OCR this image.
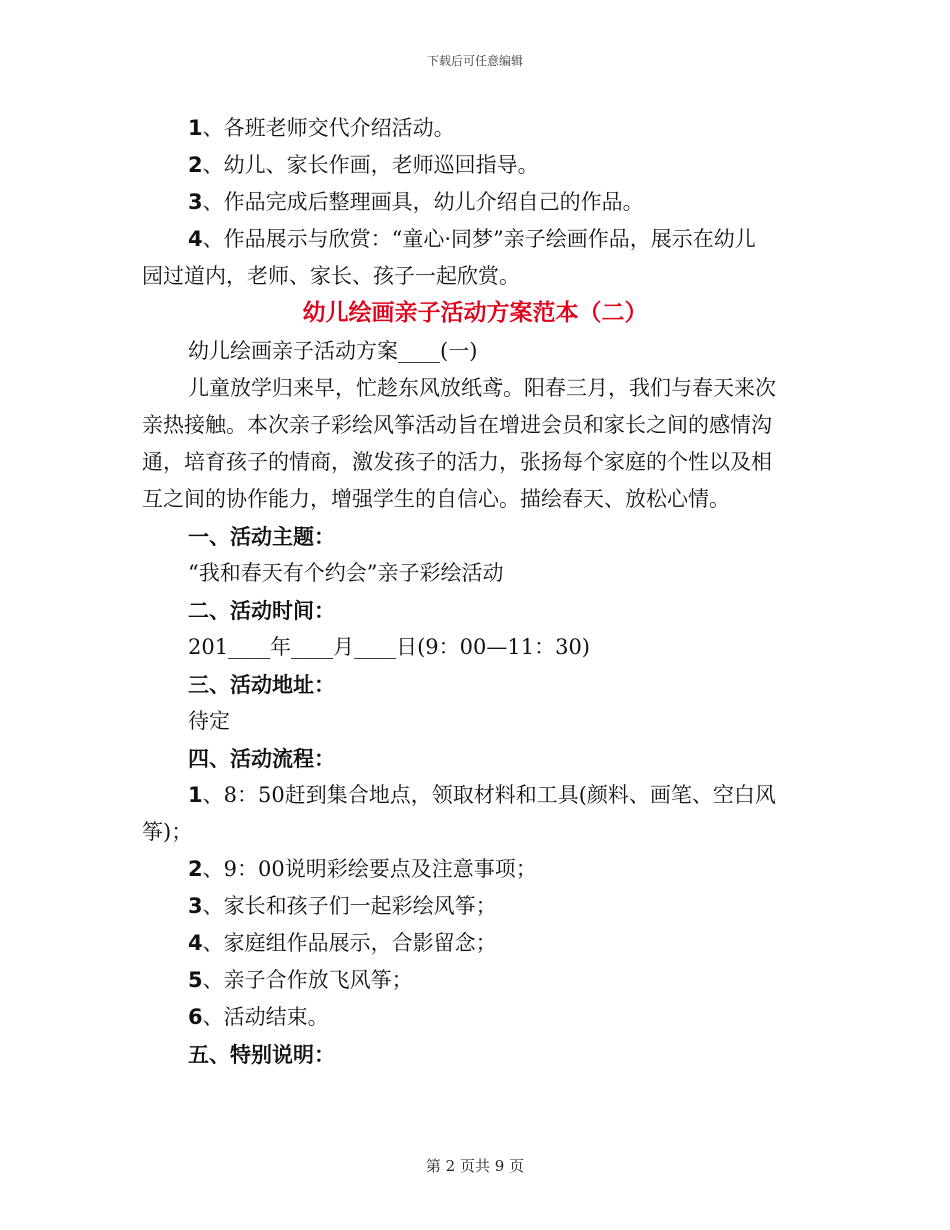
下载后可任意编辑
1、各班老师交代介绍活动。
2、幼儿、家长作画，老师巡回指导。
3、作品完成后整理画具，幼儿介绍自己的作品。
4、作品展示与欣赏：“童心·同梦”亲子绘画作品，展示在幼儿
园过道内，老师、家长、孩子一起欣赏。
幼儿绘画亲子活动方案范本（二）
幼儿绘画亲子活动方案____(一)
儿童放学归来早，忙趁东风放纸鸢。阳春三月，我们与春天来次
亲热接触。本次亲子彩绘风筝活动旨在增进会员和家长之间的感情沟
通，培育孩子的情商，激发孩子的活力，张扬每个家庭的个性以及相
互之间的协作能力，增强学生的自信心。描绘春天、放松心情。
一、活动主题：
“我和春天有个约会”亲子彩绘活动
二、活动时间：
201____年____月____日(9：00—11：30)
三、活动地址：
待定
四、活动流程：
1、8：50赶到集合地点，领取材料和工具(颜料、画笔、空白风
筝)；
2、9：00说明彩绘要点及注意事项；
3、家长和孩子们一起彩绘风筝；
4、家庭组作品展示，合影留念；
5、亲子合作放飞风筝；
6、活动结束。
五、特别说明：
第 2 页共 9 页
